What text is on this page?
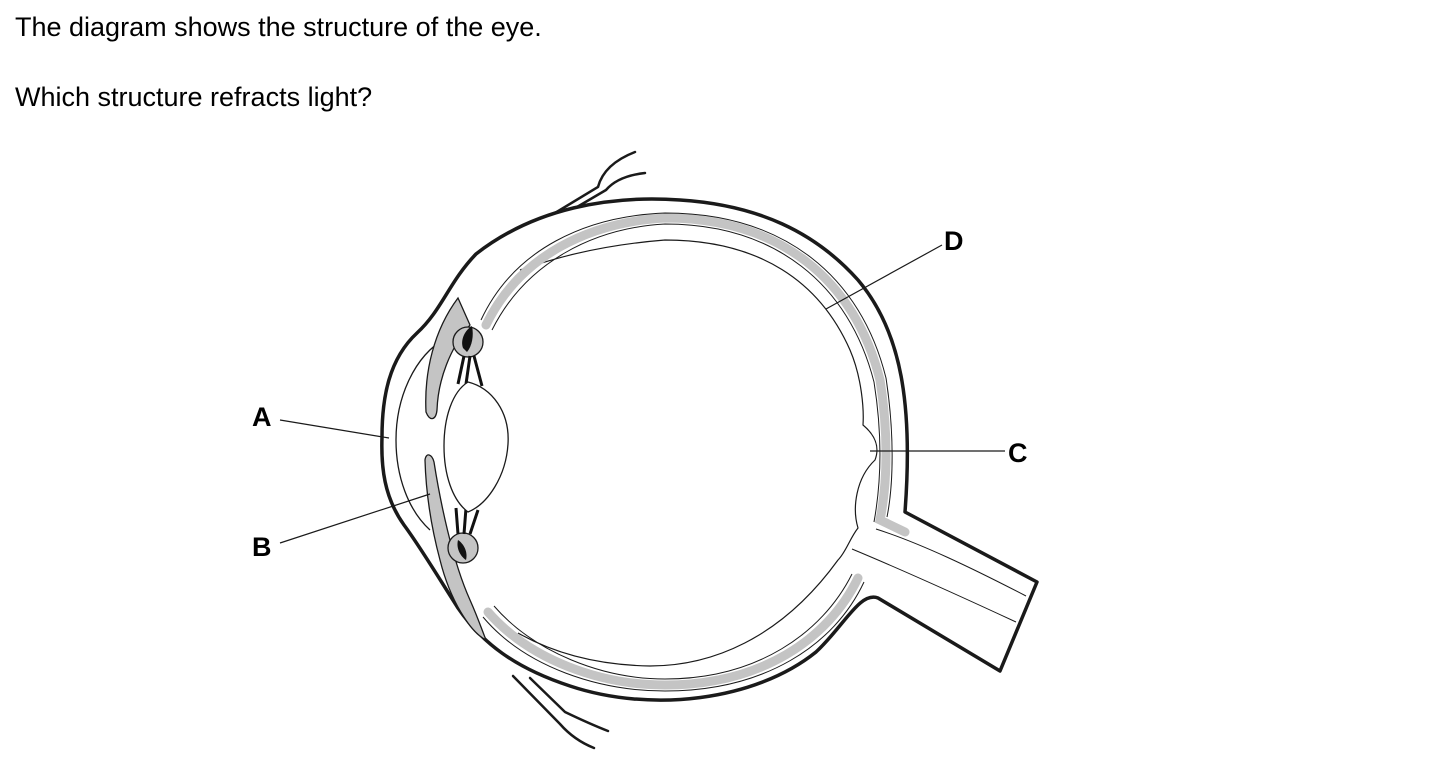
The diagram shows the structure of the eye.

Which structure refracts light?

A
B
C
D
